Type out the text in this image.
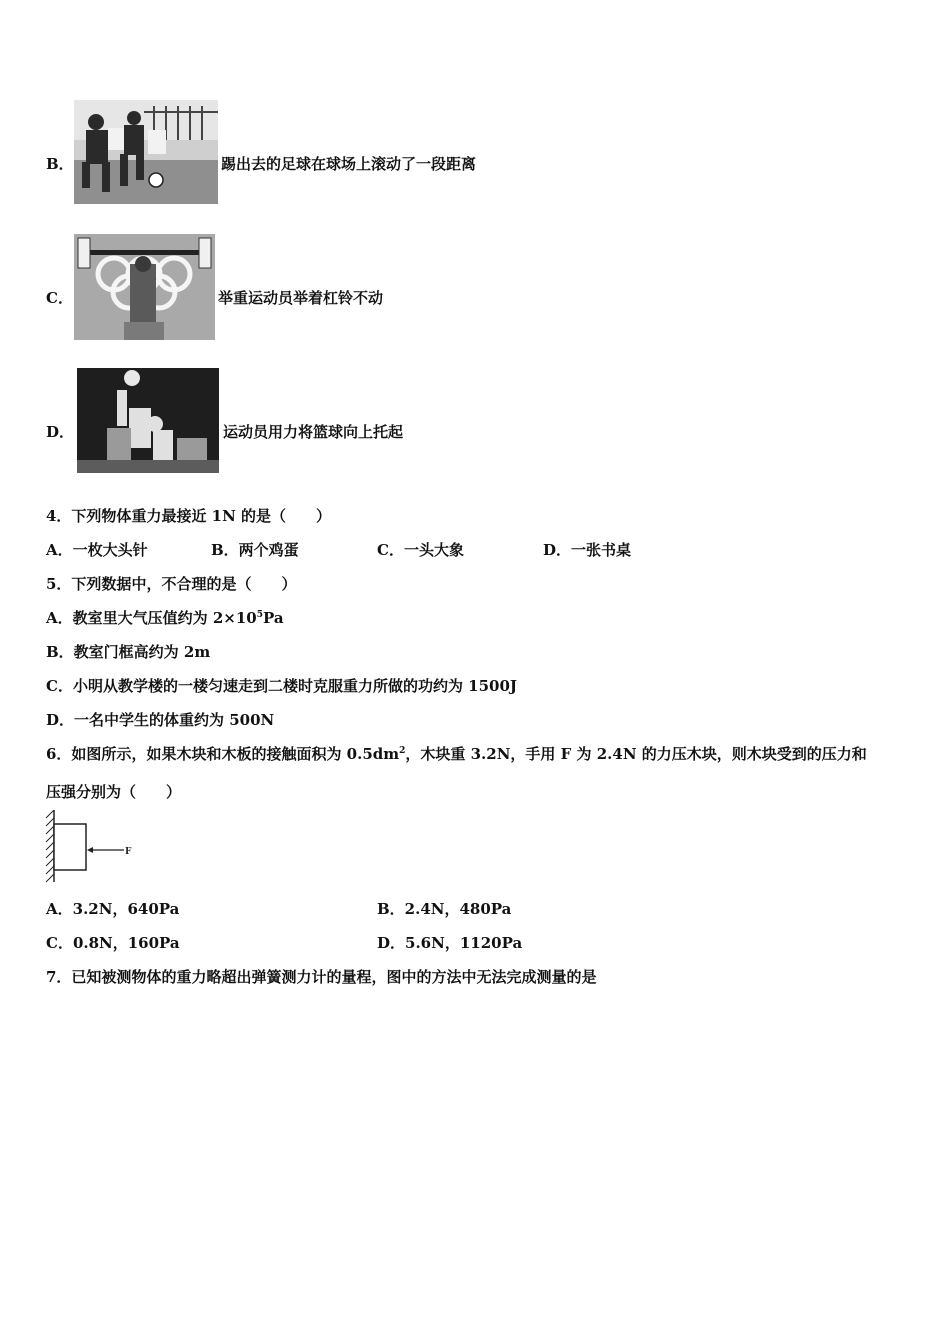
B．	踢出去的足球在球场上滚动了一段距离
C．	举重运动员举着杠铃不动
D．	运动员用力将篮球向上托起
4．下列物体重力最接近 1N 的是（　　）
A．一枚大头针	B．两个鸡蛋	C．一头大象	D．一张书桌
5．下列数据中，不合理的是（　　）
A．教室里大气压值约为 $2\times 10^5Pa$
B．教室门框高约为 2m
C．小明从教学楼的一楼匀速走到二楼时克服重力所做的功约为 1500J
D．一名中学生的体重约为 500N
6．如图所示，如果木块和木板的接触面积为 $0.5dm^2$，木块重 3.2N，手用 F 为 2.4N 的力压木块，则木块受到的压力和
压强分别为（　　）
F
A．3.2N，640Pa	B．2.4N，480Pa
C．0.8N，160Pa	D．5.6N，1120Pa
7．已知被测物体的重力略超出弹簧测力计的量程，图中的方法中无法完成测量的是
